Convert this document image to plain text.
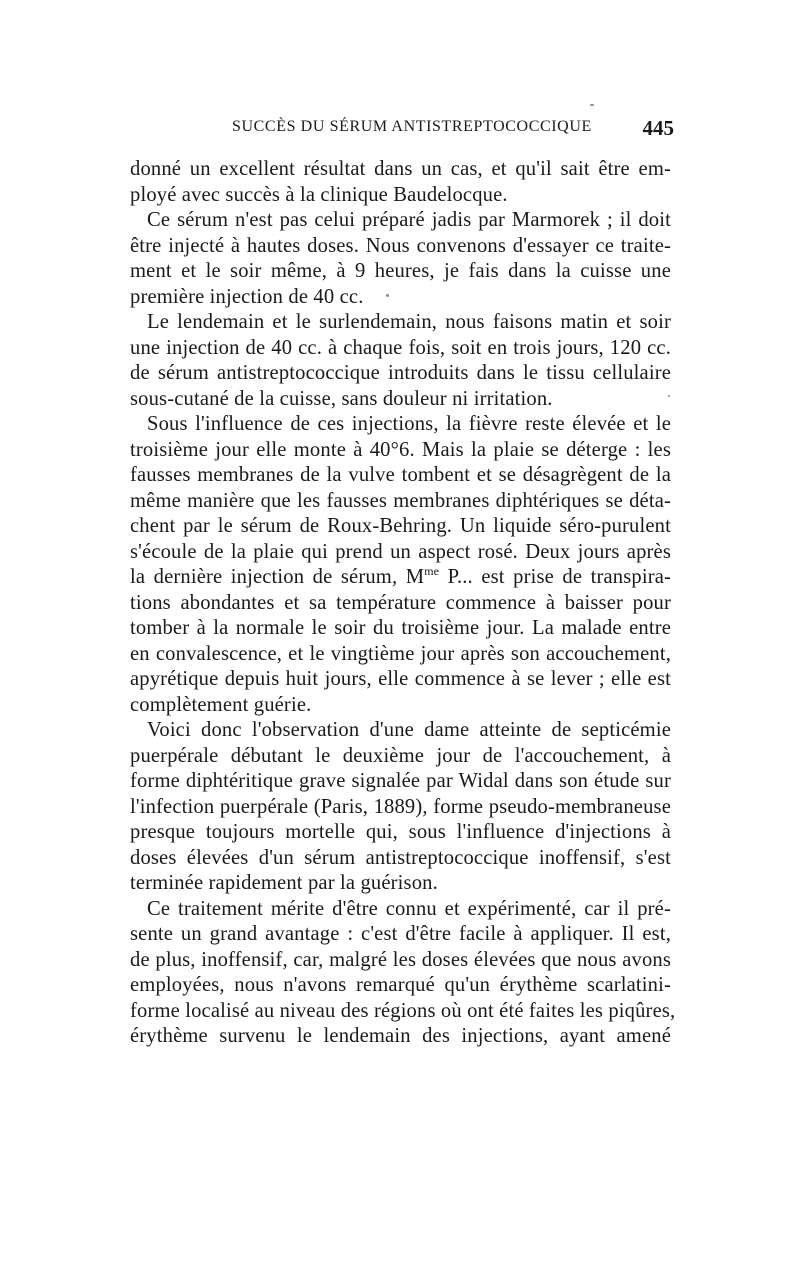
SUCCÈS DU SÉRUM ANTISTREPTOCOCCIQUE 445

donné un excellent résultat dans un cas, et qu'il sait être em-
ployé avec succès à la clinique Baudelocque.

Ce sérum n'est pas celui préparé jadis par Marmorek ; il doit
être injecté à hautes doses. Nous convenons d'essayer ce traite-
ment et le soir même, à 9 heures, je fais dans la cuisse une
première injection de 40 cc.

Le lendemain et le surlendemain, nous faisons matin et soir
une injection de 40 cc. à chaque fois, soit en trois jours, 120 cc.
de sérum antistreptococcique introduits dans le tissu cellulaire
sous-cutané de la cuisse, sans douleur ni irritation.

Sous l'influence de ces injections, la fièvre reste élevée et le
troisième jour elle monte à 40°6. Mais la plaie se déterge : les
fausses membranes de la vulve tombent et se désagrègent de la
même manière que les fausses membranes diphtériques se déta-
chent par le sérum de Roux-Behring. Un liquide séro-purulent
s'écoule de la plaie qui prend un aspect rosé. Deux jours après
la dernière injection de sérum, $M^{me}$ P... est prise de transpira-
tions abondantes et sa température commence à baisser pour
tomber à la normale le soir du troisième jour. La malade entre
en convalescence, et le vingtième jour après son accouchement,
apyrétique depuis huit jours, elle commence à se lever ; elle est
complètement guérie.

Voici donc l'observation d'une dame atteinte de septicémie
puerpérale débutant le deuxième jour de l'accouchement, à
forme diphtéritique grave signalée par Widal dans son étude sur
l'infection puerpérale (Paris, 1889), forme pseudo-membraneuse
presque toujours mortelle qui, sous l'influence d'injections à
doses élevées d'un sérum antistreptococcique inoffensif, s'est
terminée rapidement par la guérison.

Ce traitement mérite d'être connu et expérimenté, car il pré-
sente un grand avantage : c'est d'être facile à appliquer. Il est,
de plus, inoffensif, car, malgré les doses élevées que nous avons
employées, nous n'avons remarqué qu'un érythème scarlatini-
forme localisé au niveau des régions où ont été faites les piqûres,
érythème survenu le lendemain des injections, ayant amené
